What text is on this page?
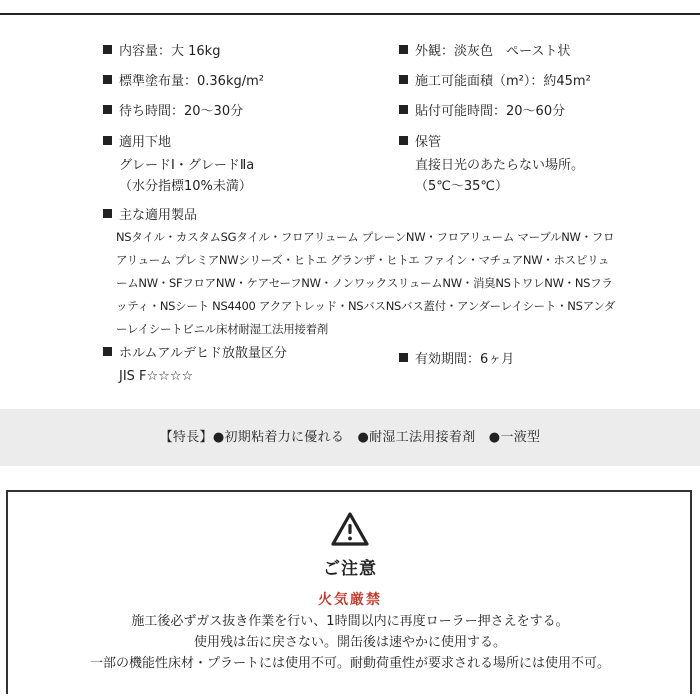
内容量：大 16kg
標準塗布量：0.36kg/m²
待ち時間：20〜30分
適用下地
グレードⅠ・グレードⅡa
（水分指標10%未満）
外観：淡灰色　ペースト状
施工可能面積（m²）：約45m²
貼付可能時間：20〜60分
保管
直接日光のあたらない場所。
（5℃〜35℃）
主な適用製品
NSタイル・カスタムSGタイル・フロアリューム プレーンNW・フロアリューム マーブルNW・フロアリューム プレミアNWシリーズ・ヒトエ グランザ・ヒトエ ファイン・マチュアNW・ホスピリュームNW・SFフロアNW・ケアセーフNW・ノンワックスリュームNW・消臭NSトワレNW・NSフラッティ・NSシート NS4400 アクアトレッド・NSバスNSバス蓋付・アンダーレイシート・NSアンダーレイシートビニル床材耐湿工法用接着剤
ホルムアルデヒド放散量区分
JIS F☆☆☆☆
有効期間：6ヶ月
【特長】●初期粘着力に優れる　●耐湿工法用接着剤　●一液型
ご注意
火気厳禁
施工後必ずガス抜き作業を行い、1時間以内に再度ローラー押さえをする。
使用残は缶に戻さない。開缶後は速やかに使用する。
一部の機能性床材・プラートには使用不可。耐動荷重性が要求される場所には使用不可。
